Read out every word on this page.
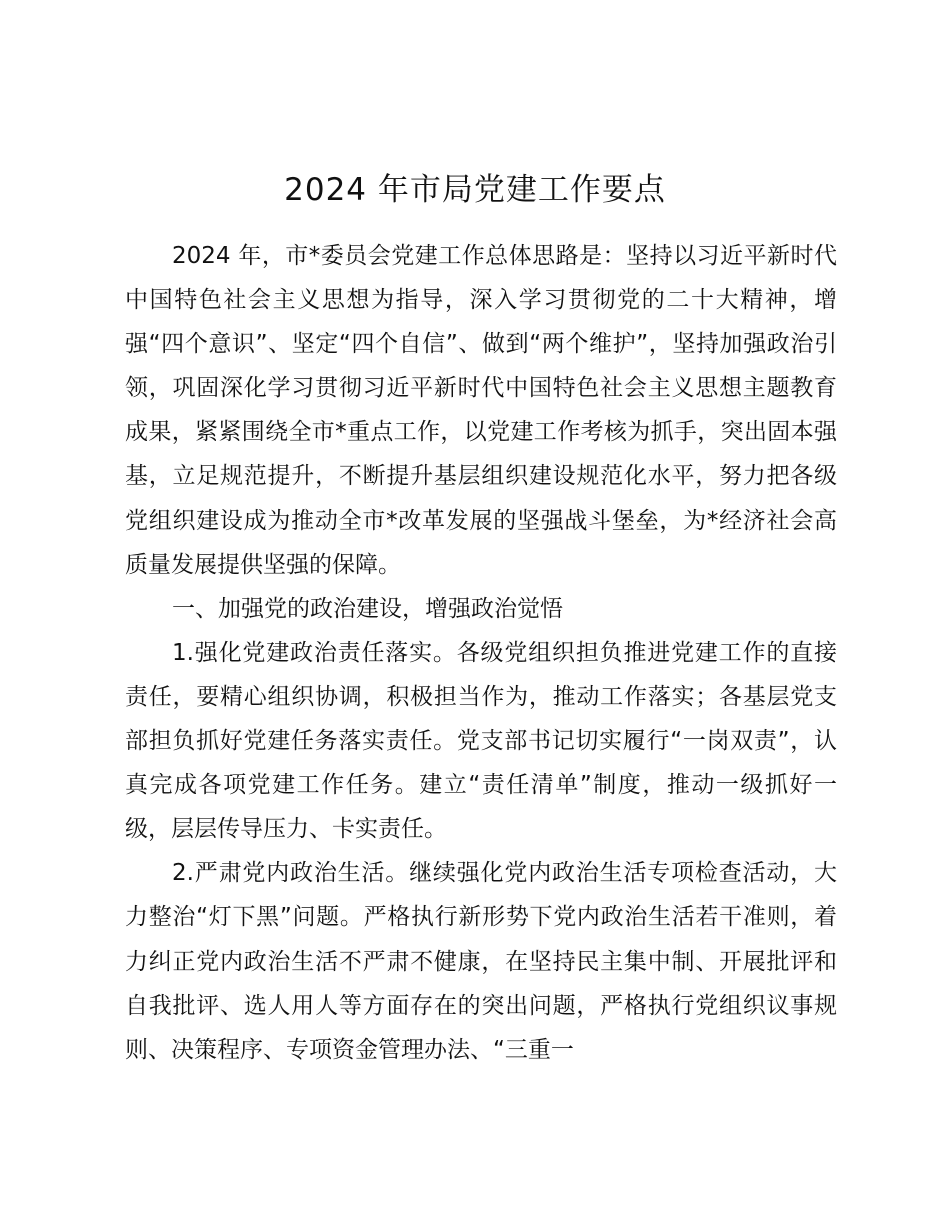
2024 年市局党建工作要点

2024 年，市*委员会党建工作总体思路是：坚持以习近平新时代中国特色社会主义思想为指导，深入学习贯彻党的二十大精神，增强“四个意识”、坚定“四个自信”、做到“两个维护”，坚持加强政治引领，巩固深化学习贯彻习近平新时代中国特色社会主义思想主题教育成果，紧紧围绕全市*重点工作，以党建工作考核为抓手，突出固本强基，立足规范提升，不断提升基层组织建设规范化水平，努力把各级党组织建设成为推动全市*改革发展的坚强战斗堡垒，为*经济社会高质量发展提供坚强的保障。

一、加强党的政治建设，增强政治觉悟

1.强化党建政治责任落实。各级党组织担负推进党建工作的直接责任，要精心组织协调，积极担当作为，推动工作落实；各基层党支部担负抓好党建任务落实责任。党支部书记切实履行“一岗双责”，认真完成各项党建工作任务。建立“责任清单”制度，推动一级抓好一级，层层传导压力、卡实责任。

2.严肃党内政治生活。继续强化党内政治生活专项检查活动，大力整治“灯下黑”问题。严格执行新形势下党内政治生活若干准则，着力纠正党内政治生活不严肃不健康，在坚持民主集中制、开展批评和自我批评、选人用人等方面存在的突出问题，严格执行党组织议事规则、决策程序、专项资金管理办法、“三重一
